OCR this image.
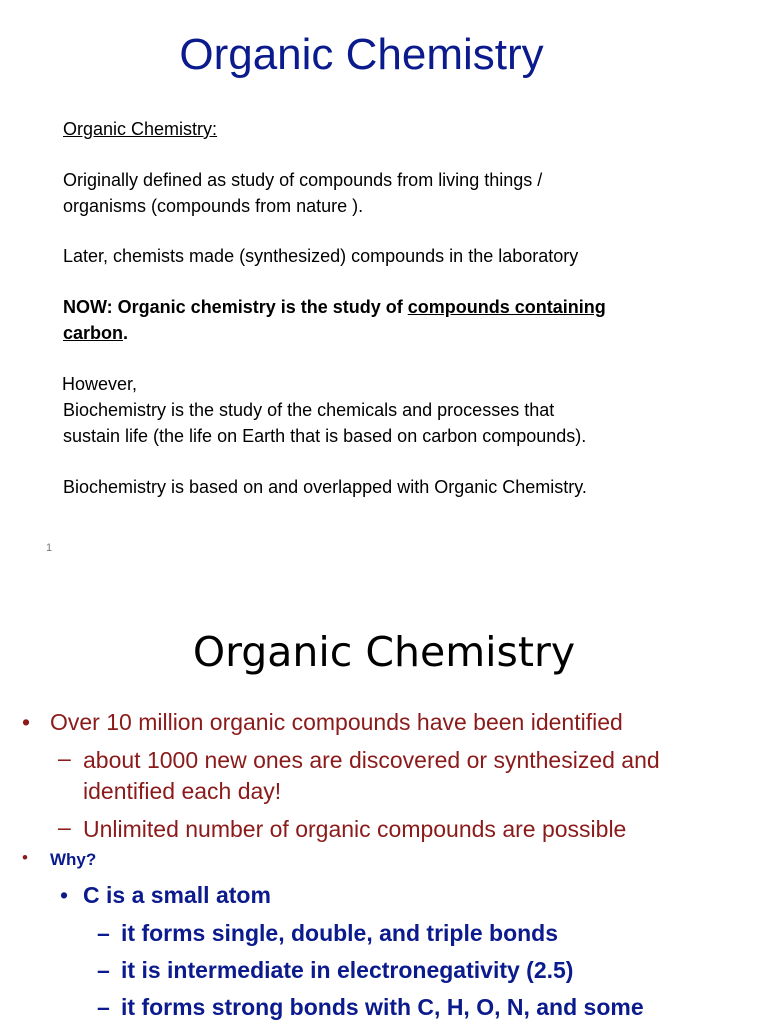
Organic Chemistry

Organic Chemistry:

Originally defined as study of compounds from living things /

organisms (compounds from nature ).

Later, chemists made (synthesized) compounds in the laboratory

NOW: Organic chemistry is the study of compounds containing

carbon.

However,

Biochemistry is the study of the chemicals and processes that

sustain life (the life on Earth that is based on carbon compounds).

Biochemistry is based on and overlapped with Organic Chemistry.

1
Organic Chemistry
• Over 10 million organic compounds have been identified

– about 1000 new ones are discovered or synthesized and

identified each day!

– Unlimited number of organic compounds are possible

• Why?

• C is a small atom

– it forms single, double, and triple bonds

– it is intermediate in electronegativity (2.5)

– it forms strong bonds with C, H, O, N, and some
